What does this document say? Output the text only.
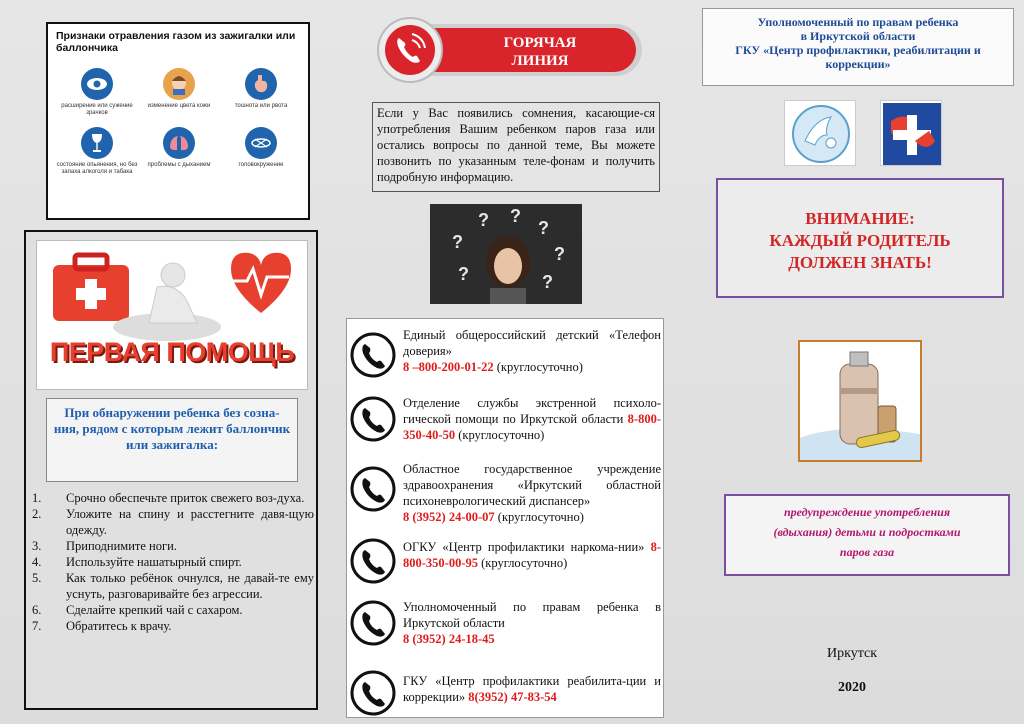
Признаки отравления газом из зажигалки или баллончика
расширение или сужение зрачков
изменение цвета кожи	тошнота или рвота
состояние опьянения, но без запаха алкоголя и табака
проблемы с дыханием	головокружение
ПЕРВАЯ ПОМОЩЬ
При обнаружении ребенка без созна-ния, рядом с которым лежит баллончик или зажигалка:
1. Срочно обеспечьте приток свежего воз-духа.
2. Уложите на спину и расстегните давя-щую одежду.
3. Приподнимите ноги.
4. Используйте нашатырный спирт.
5. Как только ребёнок очнулся, не давай-те ему уснуть, разговаривайте без агрессии.
6. Сделайте крепкий чай с сахаром.
7. Обратитесь к врачу.
ГОРЯЧАЯ
ЛИНИЯ
Если у Вас появились сомнения, касающие-ся употребления Вашим ребенком паров газа или остались вопросы по данной теме, Вы можете позвонить по указанным теле-фонам и получить подробную информацию.
?
? ?
?
?
?	?
Единый общероссийский детский «Телефон доверия»
8 –800-200-01-22 (круглосуточно)
Отделение службы экстренной психоло-гической помощи по Иркутской области 8-800-350-40-50 (круглосуточно)
Областное государственное учреждение здравоохранения «Иркутский областной психоневрологический диспансер»
8 (3952) 24-00-07 (круглосуточно)
ОГКУ «Центр профилактики наркома-нии» 8-800-350-00-95 (круглосуточно)
Уполномоченный по правам ребенка в Иркутской области
8 (3952) 24-18-45
ГКУ «Центр профилактики реабилита-ции и коррекции» 8(3952) 47-83-54
Уполномоченный по правам ребенка
в Иркутской области
ГКУ «Центр профилактики, реабилитации и коррекции»
ВНИМАНИЕ:
КАЖДЫЙ РОДИТЕЛЬ
ДОЛЖЕН ЗНАТЬ!
предупреждение употребления
(вдыхания) детьми и подростками
паров газа
Иркутск
2020
